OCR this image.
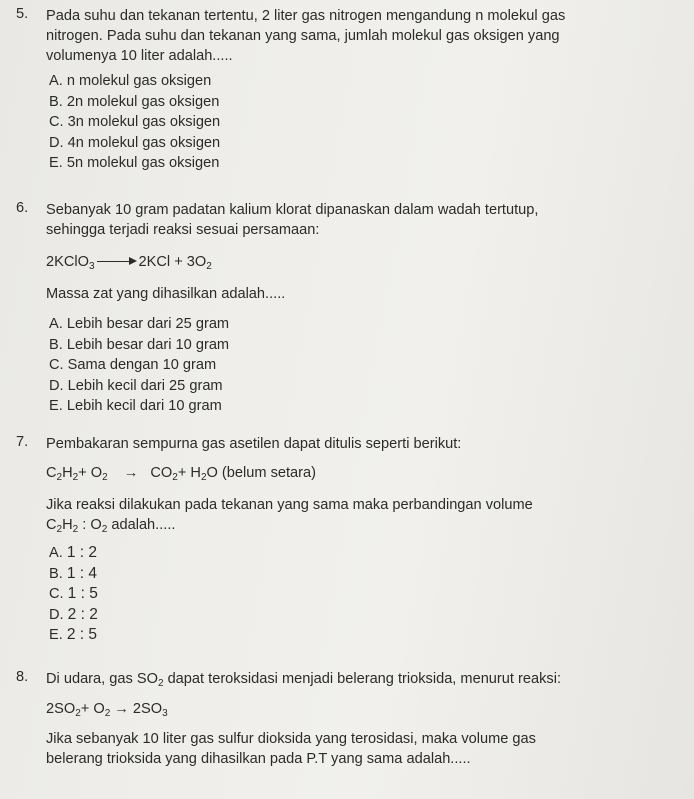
5. Pada suhu dan tekanan tertentu, 2 liter gas nitrogen mengandung n molekul gas
nitrogen. Pada suhu dan tekanan yang sama, jumlah molekul gas oksigen yang
volumenya 10 liter adalah.....
A. n molekul gas oksigen
B. 2n molekul gas oksigen
C. 3n molekul gas oksigen
D. 4n molekul gas oksigen
E. 5n molekul gas oksigen
6. Sebanyak 10 gram padatan kalium klorat dipanaskan dalam wadah tertutup,
sehingga terjadi reaksi sesuai persamaan:
2KClO$_3$	$2KCl + 3O_2$
Massa zat yang dihasilkan adalah.....
A. Lebih besar dari 25 gram
B. Lebih besar dari 10 gram
C. Sama dengan 10 gram
D. Lebih kecil dari 25 gram
E. Lebih kecil dari 10 gram
7. Pembakaran sempurna gas asetilen dapat ditulis seperti berikut:
$C_2H_2+ O_2 \to CO_2+ H_2O$ (belum setara)
Jika reaksi dilakukan pada tekanan yang sama maka perbandingan volume
$C_2H_2$ : $O_2$ adalah.....
A. 1 : 2
B. 1 : 4
C. 1 : 5
D. 2 : 2
E. 2 : 5
8. Di udara, gas $SO_2$ dapat teroksidasi menjadi belerang trioksida, menurut reaksi:
$2SO_2+ O_2 \to 2SO_3$
Jika sebanyak 10 liter gas sulfur dioksida yang terosidasi, maka volume gas
belerang trioksida yang dihasilkan pada P.T yang sama adalah.....
